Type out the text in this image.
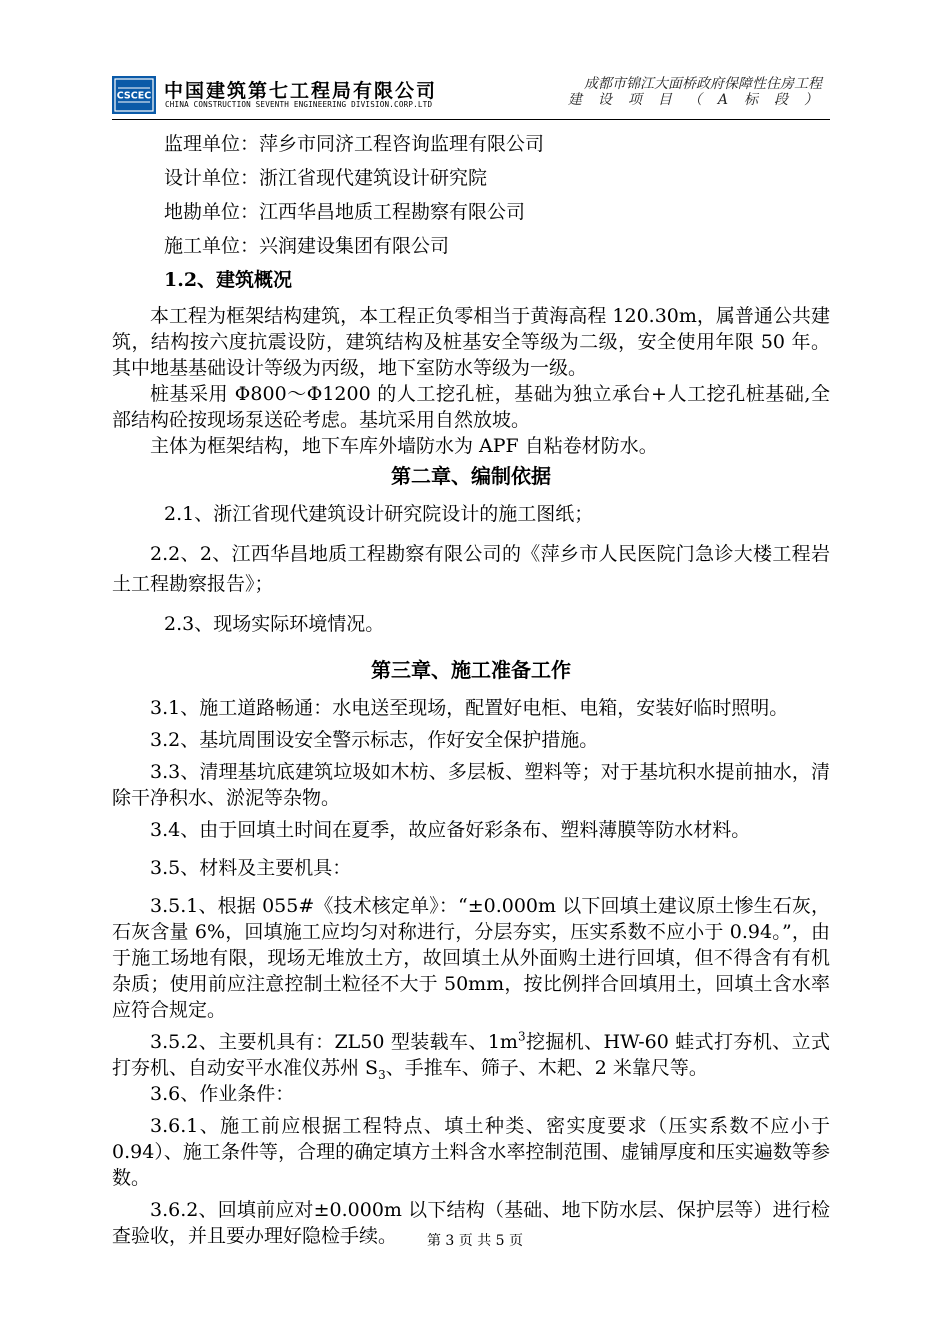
CSCEC 中国建筑第七工程局有限公司
CHINA CONSTRUCTION SEVENTH ENGINEERING DIVISION.CORP.LTD
成都市锦江大面桥政府保障性住房工程
建设项目（A标段）

监理单位：萍乡市同济工程咨询监理有限公司

设计单位：浙江省现代建筑设计研究院

地勘单位：江西华昌地质工程勘察有限公司

施工单位：兴润建设集团有限公司

1.2、建筑概况

本工程为框架结构建筑，本工程正负零相当于黄海高程 120.30m，属普通公共建筑，结构按六度抗震设防，建筑结构及桩基安全等级为二级，安全使用年限 50 年。其中地基基础设计等级为丙级，地下室防水等级为一级。

桩基采用 Φ800～Φ1200 的人工挖孔桩，基础为独立承台+人工挖孔桩基础,全部结构砼按现场泵送砼考虑。基坑采用自然放坡。

主体为框架结构，地下车库外墙防水为 APF 自粘卷材防水。

第二章、编制依据

2.1、浙江省现代建筑设计研究院设计的施工图纸；

2.2、2、江西华昌地质工程勘察有限公司的《萍乡市人民医院门急诊大楼工程岩土工程勘察报告》；

2.3、现场实际环境情况。

第三章、施工准备工作

3.1、施工道路畅通：水电送至现场，配置好电柜、电箱，安装好临时照明。

3.2、基坑周围设安全警示标志，作好安全保护措施。

3.3、清理基坑底建筑垃圾如木枋、多层板、塑料等；对于基坑积水提前抽水，清除干净积水、淤泥等杂物。

3.4、由于回填土时间在夏季，故应备好彩条布、塑料薄膜等防水材料。

3.5、材料及主要机具：

3.5.1、根据 055#《技术核定单》：“±0.000m 以下回填土建议原土惨生石灰，石灰含量 6%，回填施工应均匀对称进行，分层夯实，压实系数不应小于 0.94。”，由于施工场地有限，现场无堆放土方，故回填土从外面购土进行回填，但不得含有有机杂质；使用前应注意控制土粒径不大于 50mm，按比例拌合回填用土，回填土含水率应符合规定。

3.5.2、主要机具有：ZL50 型装载车、$1m^3$挖掘机、HW-60 蛙式打夯机、立式打夯机、自动安平水准仪苏州 $S_3$、手推车、筛子、木耙、2 米靠尺等。

3.6、作业条件：

3.6.1、施工前应根据工程特点、填土种类、密实度要求（压实系数不应小于 0.94）、施工条件等，合理的确定填方土料含水率控制范围、虚铺厚度和压实遍数等参数。

3.6.2、回填前应对±0.000m 以下结构（基础、地下防水层、保护层等）进行检查验收，并且要办理好隐检手续。	第 3 页 共 5 页
